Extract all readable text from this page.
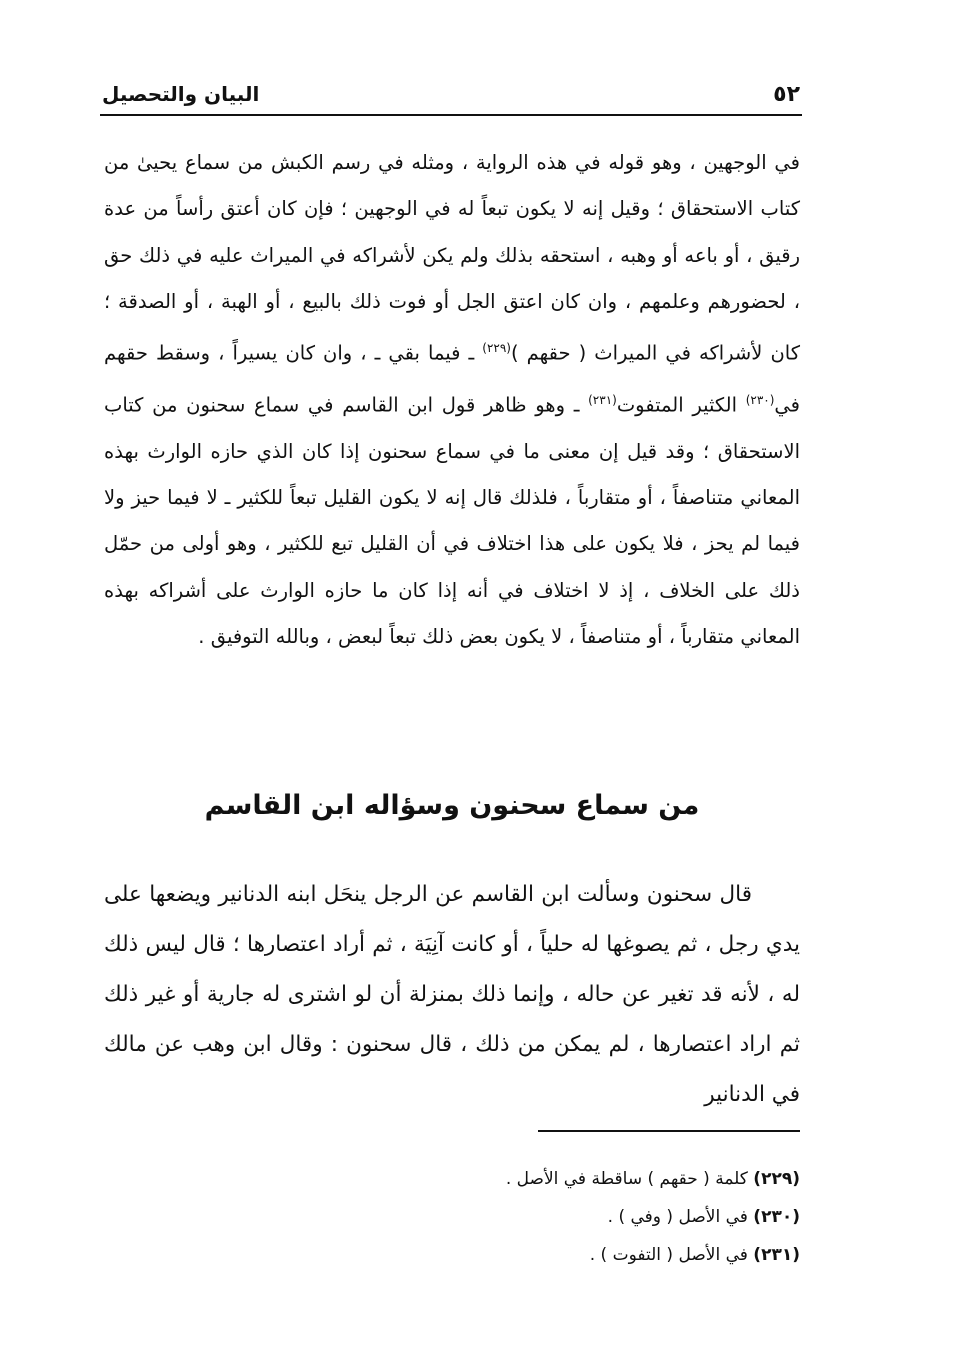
٥٢
البيان والتحصيل

في الوجهين ، وهو قوله في هذه الرواية ، ومثله في رسم الكبش من سماع يحيىٰ من كتاب الاستحقاق ؛ وقيل إنه لا يكون تبعاً له في الوجهين ؛ فإن كان أعتق رأساً من عدة رقيق ، أو باعه أو وهبه ، استحقه بذلك ولم يكن لأشراكه في الميراث عليه في ذلك حق ، لحضورهم وعلمهم ، وان كان اعتق الجل أو فوت ذلك بالبيع ، أو الهبة ، أو الصدقة ؛ كان لأشراكه في الميراث ( حقهم )$^{(٢٢٩)}$ ـ فيما بقي ـ ، وان كان يسيراً ، وسقط حقهم في$^{(٢٣٠)}$ الكثير المتفوت$^{(٢٣١)}$ ـ وهو ظاهر قول ابن القاسم في سماع سحنون من كتاب الاستحقاق ؛ وقد قيل إن معنى ما في سماع سحنون إذا كان الذي حازه الوارث بهذه المعاني متناصفاً ، أو متقارباً ، فلذلك قال إنه لا يكون القليل تبعاً للكثير ـ لا فيما حيز ولا فيما لم يحز ، فلا يكون على هذا اختلاف في أن القليل تبع للكثير ، وهو أولى من حمّل ذلك على الخلاف ، إذ لا اختلاف في أنه إذا كان ما حازه الوارث على أشراكه بهذه المعاني متقارباً ، أو متناصفاً ، لا يكون بعض ذلك تبعاً لبعض ، وبالله التوفيق .

من سماع سحنون وسؤاله ابن القاسم

قال سحنون وسألت ابن القاسم عن الرجل ينحَل ابنه الدنانير ويضعها على يدي رجل ، ثم يصوغها له حلياً ، أو كانت آنِيَة ، ثم أراد اعتصارها ؛ قال ليس ذلك له ، لأنه قد تغير عن حاله ، وإنما ذلك بمنزلة أن لو اشترى له جارية أو غير ذلك ثم اراد اعتصارها ، لم يمكن من ذلك ، قال سحنون : وقال ابن وهب عن مالك في الدنانير

(٢٢٩) كلمة ( حقهم ) ساقطة في الأصل .
(٢٣٠) في الأصل ( وفي ) .
(٢٣١) في الأصل ( التفوت ) .
